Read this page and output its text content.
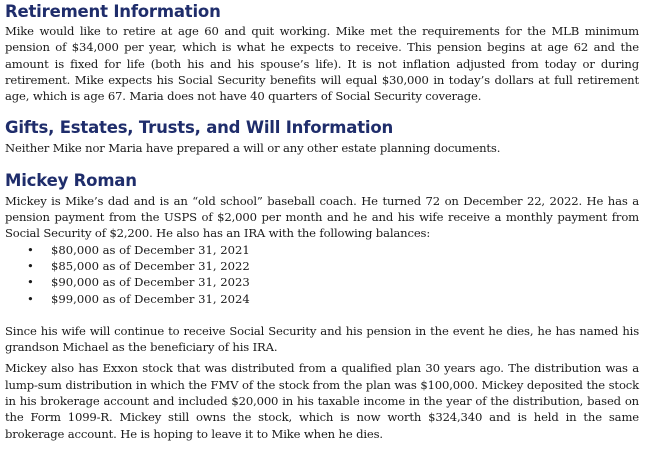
Retirement Information

Mike would like to retire at age 60 and quit working. Mike met the requirements for the MLB minimum pension of $34,000 per year, which is what he expects to receive. This pension begins at age 62 and the amount is fixed for life (both his and his spouse’s life). It is not inflation adjusted from today or during retirement. Mike expects his Social Security benefits will equal $30,000 in today’s dollars at full retirement age, which is age 67. Maria does not have 40 quarters of Social Security coverage.

Gifts, Estates, Trusts, and Will Information

Neither Mike nor Maria have prepared a will or any other estate planning documents.

Mickey Roman

Mickey is Mike’s dad and is an “old school” baseball coach. He turned 72 on December 22, 2022. He has a pension payment from the USPS of $2,000 per month and he and his wife receive a monthly payment from Social Security of $2,200. He also has an IRA with the following balances:

• $80,000 as of December 31, 2021
• $85,000 as of December 31, 2022
• $90,000 as of December 31, 2023
• $99,000 as of December 31, 2024

Since his wife will continue to receive Social Security and his pension in the event he dies, he has named his grandson Michael as the beneficiary of his IRA.

Mickey also has Exxon stock that was distributed from a qualified plan 30 years ago. The distribution was a lump-sum distribution in which the FMV of the stock from the plan was $100,000. Mickey deposited the stock in his brokerage account and included $20,000 in his taxable income in the year of the distribution, based on the Form 1099-R. Mickey still owns the stock, which is now worth $324,340 and is held in the same brokerage account. He is hoping to leave it to Mike when he dies.
